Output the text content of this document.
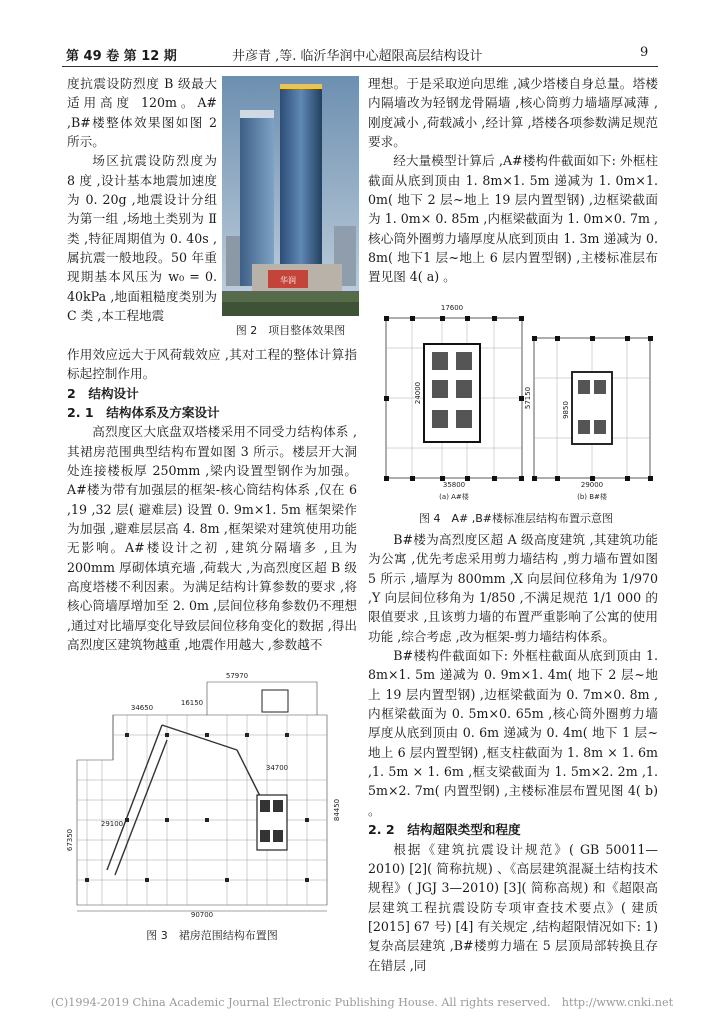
第 49 卷 第 12 期	井彦青 ,等. 临沂华润中心超限高层结构设计	9

度抗震设防烈度 B 级最大适用高度 120m。A# ,B#楼整体效果图如图 2 所示。

场区抗震设防烈度为 8 度 ,设计基本地震加速度为 0. 20g ,地震设计分组为第一组 ,场地土类别为 Ⅱ 类 ,特征周期值为 0. 40s ,属抗震一般地段。50 年重现期基本风压为 w₀ = 0. 40kPa ,地面粗糙度类别为 C 类 ,本工程地震

华润
图 2　项目整体效果图

作用效应远大于风荷载效应 ,其对工程的整体计算指标起控制作用。

2　结构设计

2. 1　结构体系及方案设计

高烈度区大底盘双塔楼采用不同受力结构体系 ,其裙房范围典型结构布置如图 3 所示。楼层开大洞处连接楼板厚 250mm ,梁内设置型钢作为加强。A#楼为带有加强层的框架-核心筒结构体系 ,仅在 6 ,19 ,32 层( 避难层) 设置 0. 9m×1. 5m 框架梁作为加强 ,避难层层高 4. 8m ,框架梁对建筑使用功能无影响。A#楼设计之初 ,建筑分隔墙多 ,且为 200mm 厚砌体填充墙 ,荷载大 ,为高烈度区超 B 级高度塔楼不利因素。为满足结构计算参数的要求 ,将核心筒墙厚增加至 2. 0m ,层间位移角参数仍不理想 ,通过对比墙厚变化导致层间位移角变化的数据 ,得出高烈度区建筑物越重 ,地震作用越大 ,参数越不

57970
34650
34700
16150
29100
67350
84450
90700
图 3　裙房范围结构布置图

理想。于是采取逆向思维 ,减少塔楼自身总量。塔楼内隔墙改为轻钢龙骨隔墙 ,核心筒剪力墙墙厚减薄 ,刚度减小 ,荷载减小 ,经计算 ,塔楼各项参数满足规范要求。

经大量模型计算后 ,A#楼构件截面如下: 外框柱截面从底到顶由 1. 8m×1. 5m 递减为 1. 0m×1. 0m( 地下 2 层~地上 19 层内置型钢) ,边框梁截面为 1. 0m× 0. 85m ,内框梁截面为 1. 0m×0. 7m ,核心筒外圈剪力墙厚度从底到顶由 1. 3m 递减为 0. 8m( 地下1 层~地上 6 层内置型钢) ,主楼标准层布置见图 4( a) 。

35800
17600
24000	57150
29000
9850
(a) A#楼	(b) B#楼
图 4　A# ,B#楼标准层结构布置示意图

B#楼为高烈度区超 A 级高度建筑 ,其建筑功能为公寓 ,优先考虑采用剪力墙结构 ,剪力墙布置如图 5 所示 ,墙厚为 800mm ,X 向层间位移角为 1/970 ,Y 向层间位移角为 1/850 ,不满足规范 1/1 000 的限值要求 ,且该剪力墙的布置严重影响了公寓的使用功能 ,综合考虑 ,改为框架-剪力墙结构体系。

B#楼构件截面如下: 外框柱截面从底到顶由 1. 8m×1. 5m 递减为 0. 9m×1. 4m( 地下 2 层~地上 19 层内置型钢) ,边框梁截面为 0. 7m×0. 8m ,内框梁截面为 0. 5m×0. 65m ,核心筒外圈剪力墙厚度从底到顶由 0. 6m 递减为 0. 4m( 地下 1 层~地上 6 层内置型钢) ,框支柱截面为 1. 8m × 1. 6m ,1. 5m × 1. 6m ,框支梁截面为 1. 5m×2. 2m ,1. 5m×2. 7m( 内置型钢) ,主楼标准层布置见图 4( b) 。

2. 2　结构超限类型和程度

根据《建筑抗震设计规范》( GB 50011—2010) [2]( 简称抗规) 、《高层建筑混凝土结构技术规程》( JGJ 3—2010) [3]( 简称高规) 和《超限高层建筑工程抗震设防专项审查技术要点》( 建质 [2015] 67 号) [4] 有关规定 ,结构超限情况如下: 1) 复杂高层建筑 ,B#楼剪力墙在 5 层顶局部转换且存在错层 ,同

(C)1994-2019 China Academic Journal Electronic Publishing House. All rights reserved.　http://www.cnki.net
